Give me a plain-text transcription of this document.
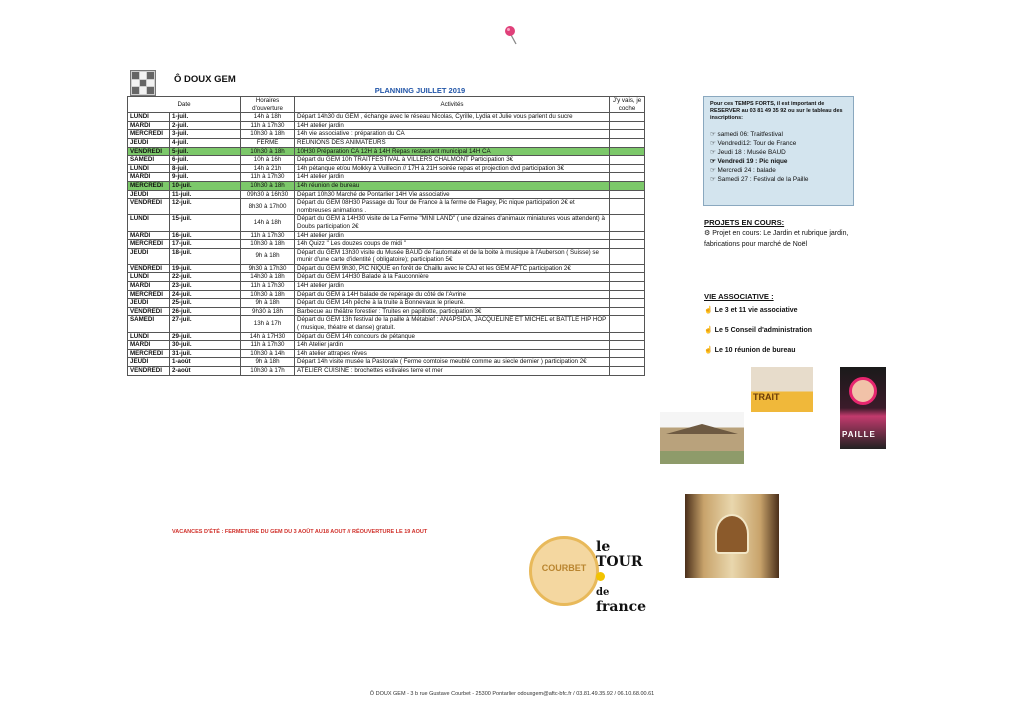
Ô DOUX GEM
PLANNING JUILLET 2019
Date		Horaires d'ouverture	Activités	J'y vais, je coche
LUNDI	1-juil.	14h à 18h	Départ 14h30 du GEM , échange avec le réseau Nicolas, Cyrille, Lydia et Julie vous parlent du sucre	
MARDI	2-juil.	11h à 17h30	14H atelier jardin	
MERCREDI	3-juil.	10h30 à 18h	14h vie associative : préparation du CA	
JEUDI	4-juil.	FERME	REUNIONS DES ANIMATEURS	
VENDREDI	5-juil.	10h30 à 18h	10H30 Préparation CA 12H à 14H Repas restaurant municipal 14H CA	
SAMEDI	6-juil.	10h à 16h	Départ du GEM 10h TRAITFESTIVAL à VILLERS CHALMONT Participation 3€	
LUNDI	8-juil.	14h à 21h	14h pétanque et/ou Molkky à Vuillecin // 17H à 21H soirée repas et projection dvd participation 3€	
MARDI	9-juil.	11h à 17h30	14H atelier jardin	
MERCREDI	10-juil.	10h30 à 18h	14h réunion de bureau	
JEUDI	11-juil.	09h30 à 16h30	Départ 10h30 Marché de Pontarlier 14H Vie associative	
VENDREDI	12-juil.	8h30 à 17h00	Départ du GEM 08H30 Passage du Tour de France à la ferme de Flagey, Pic nique participation 2€ et nombreuses animations .	
LUNDI	15-juil.	14h à 18h	Départ du GEM à 14H30 visite de La Ferme "MINI LAND" ( une dizaines d'animaux miniatures vous attendent) à Doubs participation 2€	
MARDI	16-juil.	11h à 17h30	14H atelier jardin	
MERCREDI	17-juil.	10h30 à 18h	14h Quizz " Les douzes coups de midi "	
JEUDI	18-juil.	9h à 18h	Départ du GEM 13h30 visite du Musée BAUD de l'automate et de la boite à musique à l'Auberson ( Suisse) se munir d'une carte d'identité ( obligatoire); participation 5€	
VENDREDI	19-juil.	9h30 à 17h30	Départ du GEM 9h30, PIC NIQUE en forêt de Chaillu avec le CAJ et les GEM AFTC participation 2€	
LUNDI	22-juil.	14h30 à 18h	Départ du GEM 14H30 Balade à la Fauconnière	
MARDI	23-juil.	11h à 17h30	14H atelier jardin	
MERCREDI	24-juil.	10h30 à 18h	Départ du GEM à 14H balade de repérage du côté de l'Avrine	
JEUDI	25-juil.	9h à 18h	Départ du GEM 14h pêche à la truite à Bonnevaux le prieuré.	
VENDREDI	26-juil.	9h30 à 18h	Barbecue au théâtre forestier : Truites en papillotte, participation 3€	
SAMEDI	27-juil.	13h à 17h	Départ du GEM 13h festival de la paille à Métabief : ANAPSIDA, JACQUELINE ET MICHEL et BATTLE HIP HOP ( musique, théatre et danse) gratuit.	
LUNDI	29-juil.	14h à 17H30	Départ du GEM 14h concours de pétanque	
MARDI	30-juil.	11h à 17h30	14h Atelier jardin	
MERCREDI	31-juil.	10h30 à 14h	14h atelier attrapes rêves	
JEUDI	1-août	9h à 18h	Départ 14h visite musée la Pastorale ( Ferme comtoise meublé comme au siecle dernier ) participation 2€	
VENDREDI	2-août	10h30 à 17h	ATELIER CUISINE : brochettes estivales terre et mer	
VACANCES D'ÉTÉ : FERMETURE DU GEM DU 3 AOÛT AU18 AOUT // RÉOUVERTURE LE 19 AOUT
Pour ces TEMPS FORTS, il est important de RESERVER au 03 81 49 35 92 ou sur le tableau des inscriptions:
☞ samedi 06: Traitfestival
☞ Vendredi12: Tour de France
☞ Jeudi 18 : Musée BAUD
☞ Vendredi 19 : Pic nique
☞ Mercredi 24 : balade
☞ Samedi 27 : Festival de la Paille
PROJETS EN COURS:
⚙ Projet en cours: Le Jardin et rubrique jardin, fabrications pour marché de Noël
VIE ASSOCIATIVE :
☝ Le 3 et 11 vie associative
☝ Le 5 Conseil d'administration
☝ Le 10 réunion de bureau
TRAIT
PAILLE
COURBET
le
TOUR
de
france
Ô DOUX GEM - 3 b rue Gustave Courbet - 25300 Pontarlier odouxgem@aftc-bfc.fr / 03.81.49.35.92 / 06.10.68.00.61
